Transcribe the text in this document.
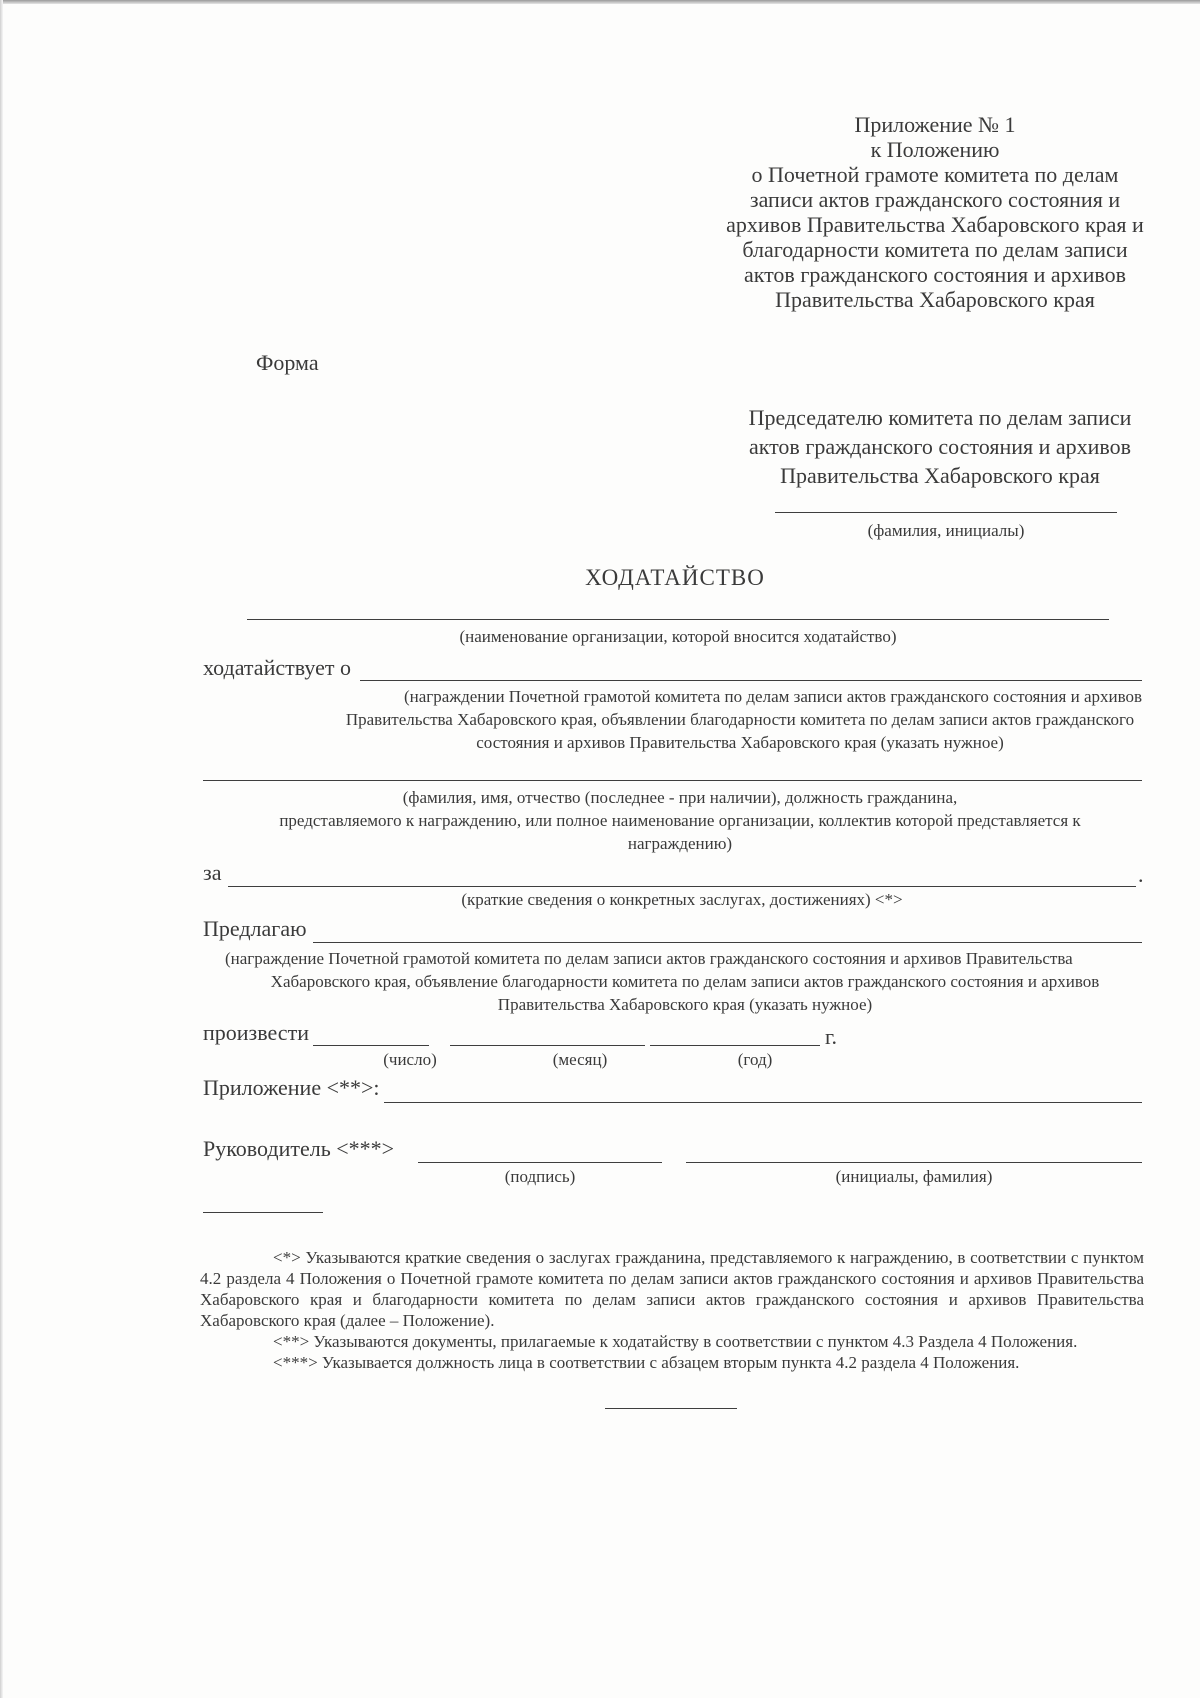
Приложение № 1
к Положению
о Почетной грамоте комитета по делам
записи актов гражданского состояния и
архивов Правительства Хабаровского края и
благодарности комитета по делам записи
актов гражданского состояния и архивов
Правительства Хабаровского края
Форма
Председателю комитета по делам записи
актов гражданского состояния и архивов
Правительства Хабаровского края
(фамилия, инициалы)
ХОДАТАЙСТВО
(наименование организации, которой вносится ходатайство)
ходатайствует о
(награждении Почетной грамотой комитета по делам записи актов гражданского состояния и архивов
Правительства Хабаровского края, объявлении благодарности комитета по делам записи актов гражданского
состояния и архивов Правительства Хабаровского края (указать нужное)
(фамилия, имя, отчество (последнее - при наличии), должность гражданина,
представляемого к награждению, или полное наименование организации, коллектив которой представляется к
награждению)
за	.
(краткие сведения о конкретных заслугах, достижениях) <*>
Предлагаю
(награждение Почетной грамотой комитета по делам записи актов гражданского состояния и архивов Правительства
Хабаровского края, объявление благодарности комитета по делам записи актов гражданского состояния и архивов
Правительства Хабаровского края (указать нужное)
произвести	г.
(число)	(месяц)	(год)
Приложение <**>:
Руководитель <***>
(подпись)	(инициалы, фамилия)

<*> Указываются краткие сведения о заслугах гражданина, представляемого к награждению, в соответствии с пунктом 4.2 раздела 4 Положения о Почетной грамоте комитета по делам записи актов гражданского состояния и архивов Правительства Хабаровского края и благодарности комитета по делам записи актов гражданского состояния и архивов Правительства Хабаровского края (далее – Положение).

<**> Указываются документы, прилагаемые к ходатайству в соответствии с пунктом 4.3 Раздела 4 Положения.

<***> Указывается должность лица в соответствии с абзацем вторым пункта 4.2 раздела 4 Положения.
